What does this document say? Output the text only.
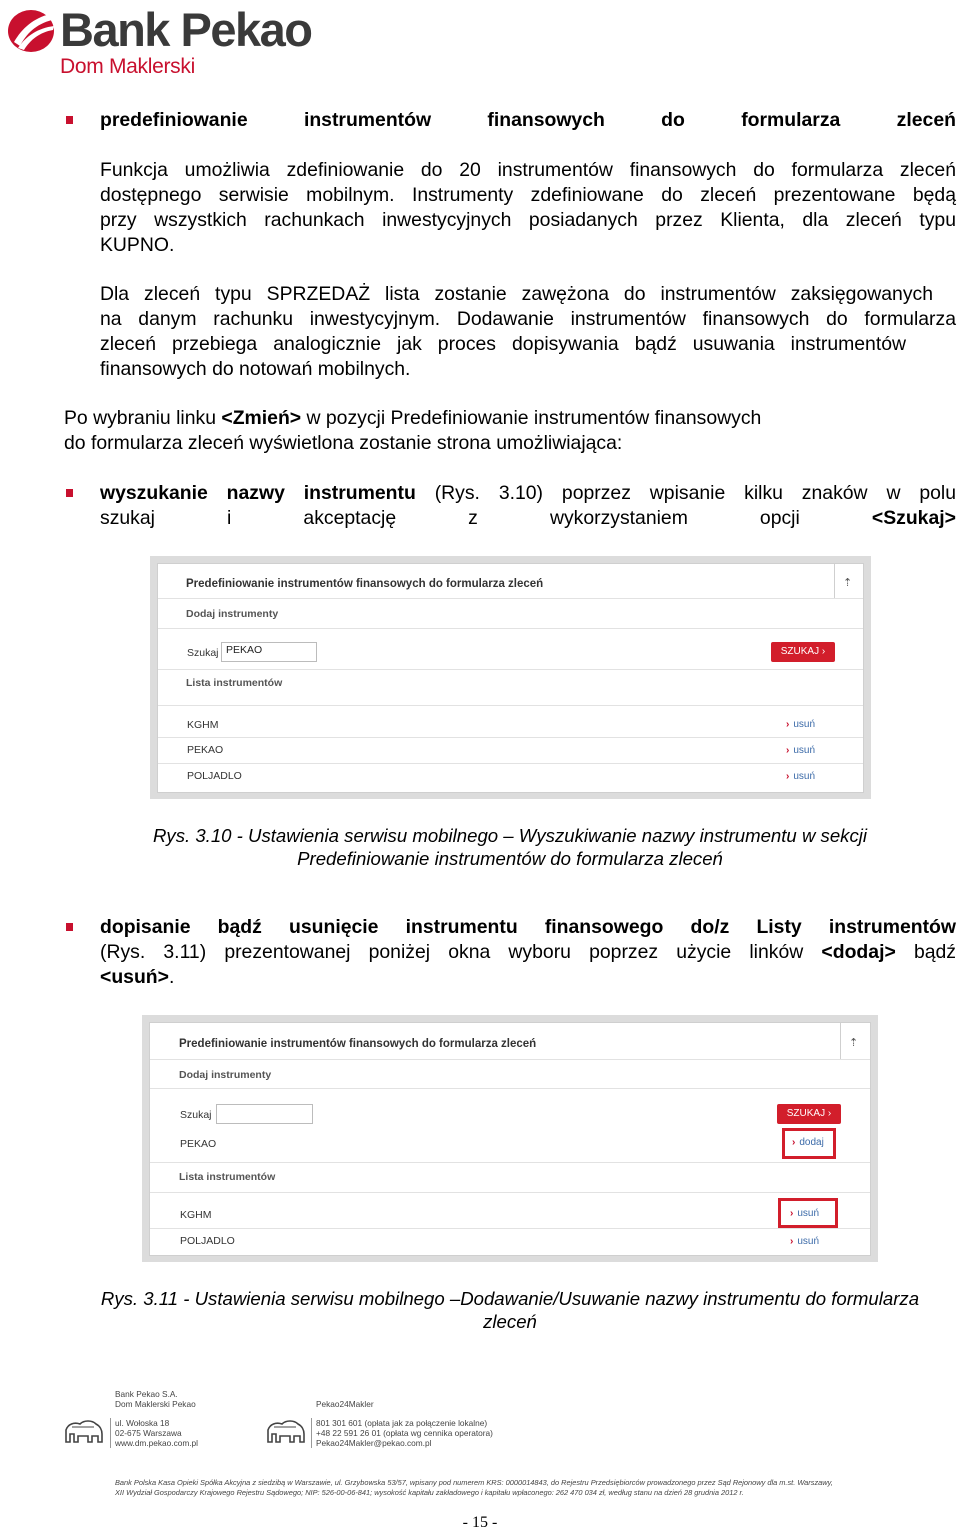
Bank Pekao
Dom Maklerski
predefiniowanie	instrumentów	finansowych	do	formularza	zleceń
Funkcja umożliwia zdefiniowanie do 20 instrumentów finansowych do formularza zleceń
dostępnego serwisie mobilnym. Instrumenty zdefiniowane do zleceń prezentowane będą
przy wszystkich rachunkach inwestycyjnych posiadanych przez Klienta, dla zleceń typu
KUPNO.
Dla zleceń typu SPRZEDAŻ lista zostanie zawężona do instrumentów zaksięgowanych
na danym rachunku inwestycyjnym. Dodawanie instrumentów finansowych do formularza
zleceń przebiega analogicznie jak proces dopisywania bądź usuwania instrumentów
finansowych do notowań mobilnych.
Po wybraniu linku <Zmień> w pozycji Predefiniowanie instrumentów finansowych
do formularza zleceń wyświetlona zostanie strona umożliwiająca:
wyszukanie nazwy instrumentu (Rys. 3.10) poprzez wpisanie kilku znaków w polu
szukaj	i	akceptację	z	wykorzystaniem	opcji	<Szukaj>
Predefiniowanie instrumentów finansowych do formularza zleceń	⇡
Dodaj instrumenty
Szukaj PEKAO	SZUKAJ ›
Lista instrumentów
KGHM	› usuń
PEKAO	› usuń
POLJADLO	› usuń
Rys. 3.10 - Ustawienia serwisu mobilnego – Wyszukiwanie nazwy instrumentu w sekcji
Predefiniowanie instrumentów do formularza zleceń
dopisanie bądź usunięcie instrumentu finansowego do/z Listy instrumentów
(Rys. 3.11) prezentowanej poniżej okna wyboru poprzez użycie linków <dodaj> bądź
<usuń>.
Predefiniowanie instrumentów finansowych do formularza zleceń	⇡
Dodaj instrumenty
Szukaj	SZUKAJ ›
PEKAO	› dodaj
Lista instrumentów
KGHM	› usuń
POLJADLO	› usuń
Rys. 3.11 - Ustawienia serwisu mobilnego –Dodawanie/Usuwanie nazwy instrumentu do formularza
zleceń
Bank Pekao S.A.
Dom Maklerski Pekao
ul. Wołoska 18
02-675 Warszawa
www.dm.pekao.com.pl
Pekao24Makler
801 301 601 (opłata jak za połączenie lokalne)
+48 22 591 26 01 (opłata wg cennika operatora)
Pekao24Makler@pekao.com.pl
Bank Polska Kasa Opieki Spółka Akcyjna z siedzibą w Warszawie, ul. Grzybowska 53/57, wpisany pod numerem KRS: 0000014843, do Rejestru Przedsiębiorców prowadzonego przez Sąd Rejonowy dla m.st. Warszawy,
XII Wydział Gospodarczy Krajowego Rejestru Sądowego; NIP: 526-00-06-841; wysokość kapitału zakładowego i kapitału wpłaconego: 262 470 034 zł, według stanu na dzień 28 grudnia 2012 r.
- 15 -
